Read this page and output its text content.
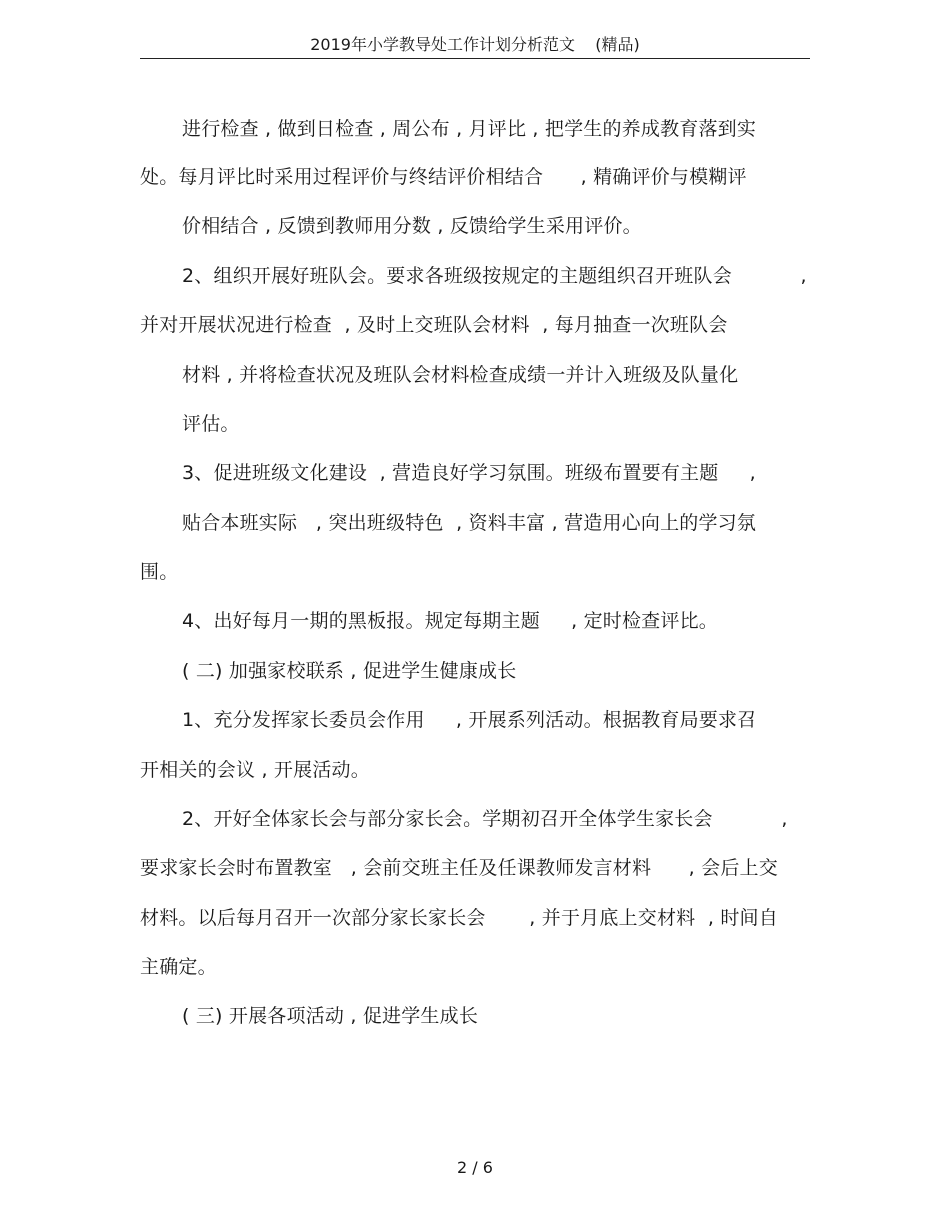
2019年小学教导处工作计划分析范文    (精品)
进行检查 , 做到日检查 , 周公布 , 月评比 , 把学生的养成教育落到实
处。每月评比时采用过程评价与终结评价相结合      , 精确评价与模糊评
价相结合 , 反馈到教师用分数 , 反馈给学生采用评价。
2、组织开展好班队会。要求各班级按规定的主题组织召开班队会           ,
并对开展状况进行检查  , 及时上交班队会材料  , 每月抽查一次班队会
材料 , 并将检查状况及班队会材料检查成绩一并计入班级及队量化
评估。
3、促进班级文化建设  , 营造良好学习氛围。班级布置要有主题     ,
贴合本班实际   , 突出班级特色  , 资料丰富 , 营造用心向上的学习氛
围。
4、出好每月一期的黑板报。规定每期主题     , 定时检查评比。
( 二) 加强家校联系 , 促进学生健康成长
1、充分发挥家长委员会作用     , 开展系列活动。根据教育局要求召
开相关的会议 , 开展活动。
2、开好全体家长会与部分家长会。学期初召开全体学生家长会           ,
要求家长会时布置教室   , 会前交班主任及任课教师发言材料      , 会后上交
材料。以后每月召开一次部分家长家长会       , 并于月底上交材料  , 时间自
主确定。
( 三) 开展各项活动 , 促进学生成长
2 / 6
